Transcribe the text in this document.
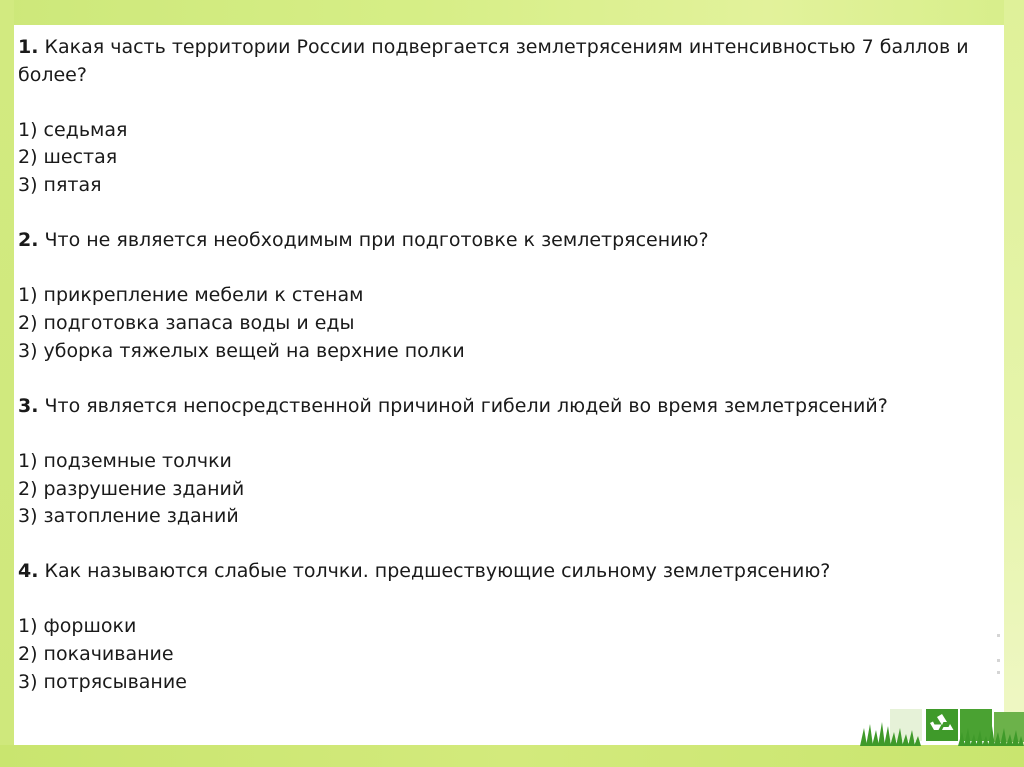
1. Какая часть территории России подвергается землетрясениям интенсивностью 7 баллов и более?
1) седьмая
2) шестая
3) пятая
2. Что не является необходимым при подготовке к землетрясению?
1) прикрепление мебели к стенам
2) подготовка запаса воды и еды
3) уборка тяжелых вещей на верхние полки
3. Что является непосредственной причиной гибели людей во время землетрясений?
1) подземные толчки
2) разрушение зданий
3) затопление зданий
4. Как называются слабые толчки. предшествующие сильному землетрясению?
1) форшоки
2) покачивание
3) потрясывание
